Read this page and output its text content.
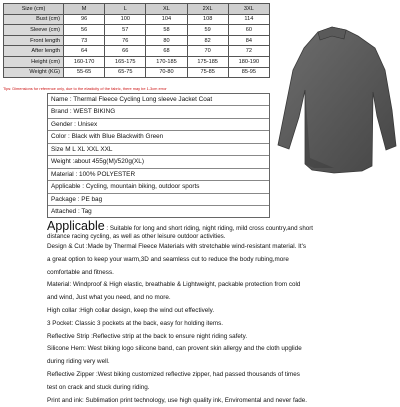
Size (cm)	M	L	XL	2XL	3XL
Bust (cm)	96	100	104	108	114
Sleeve (cm)	56	57	58	59	60
Front length	73	76	80	82	84
After length	64	66	68	70	72
Height (cm)	160-170	165-175	170-185	175-185	180-190
Weight (KG)	55-65	65-75	70-80	75-85	85-95
Tips: Dimensions for reference only, due to the elasticity of the fabric, there may be 1-3cm error
Name : Thermal Fleece Cycling Long sleeve Jacket Coat
Brand : WEST BIKING
Gender : Unisex
Color : Black with Blue Blackwith Green
Size M L XL XXL XXL
Weight :about 455g(M)/520g(XL)
Material : 100% POLYESTER
Applicable : Cycling, mountain biking, outdoor sports
Package : PE bag
Attached : Tag
Applicable : Suitable for long and short riding, night riding, mild cross country,and short
distance racing cycling, as well as other leisure outdoor activities.
Design & Cut :Made by Thermal Fleece Materials with stretchable wind-resistant material. It's
a great option to keep your warm,3D and seamless cut to reduce the body rubing,more
comfortable and fitness.
Material: Windproof & High elastic, breathable & Lightweight, packable protection from cold
and wind, Just what you need, and no more.
High collar :High collar design, keep the wind out effectively.
3 Pocket: Classic 3 pockets at the back, easy for holding items.
Reflective Strip :Reflective strip at the back to ensure night riding safety.
Silicone Hem: West biking logo silicone band, can provent skin allergy and the cloth upglide
during riding very well.
Reflective Zipper :West biking customized reflective zipper, had passed thousands of times
test on crack and stuck during riding.
Print and ink: Sublimation print technology, use high quality ink, Enviromental and never fade.
